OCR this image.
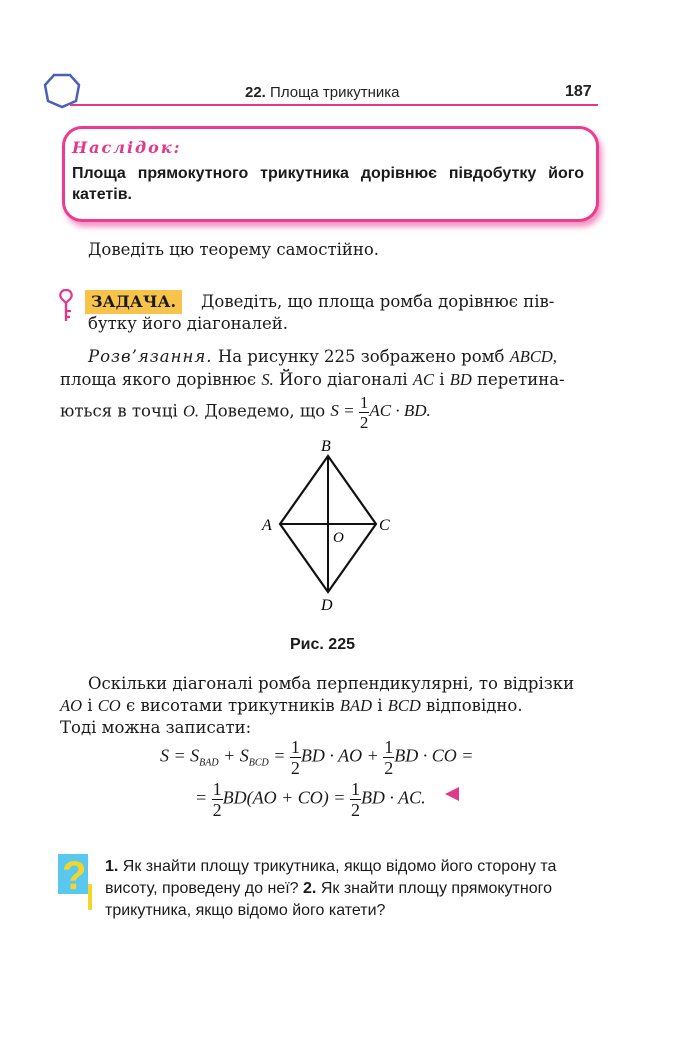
22. Площа трикутника	187
Наслідок:
Площа прямокутного трикутника дорівнює півдобутку його катетів.
Доведіть цю теорему самостійно.
ЗАДАЧА.	Доведіть, що площа ромба дорівнює пів-
бутку його діагоналей.
Розв’язання. На рисунку 225 зображено ромб ABCD,
площа якого дорівнює S. Його діагоналі AC і BD перетина-
ються в точці O. Доведемо, що $S = \frac{1}{2}$ AC · BD.
B
A	C
O
D
Рис. 225
Оскільки діагоналі ромба перпендикулярні, то відрізки
AO і CO є висотами трикутників BAD і BCD відповідно.
Тоді можна записати:
$S = S_{BAD} + S_{BCD} = \frac{1}{2}$ BD · AO + $\frac{1}{2}$ BD · CO =
= $\frac{1}{2} BD(AO + CO) = \frac{1}{2}$ BD · AC.
? 1. Як знайти площу трикутника, якщо відомо його сторону та висоту, проведену до неї? 2. Як знайти площу прямокутного трикутника, якщо відомо його катети?
